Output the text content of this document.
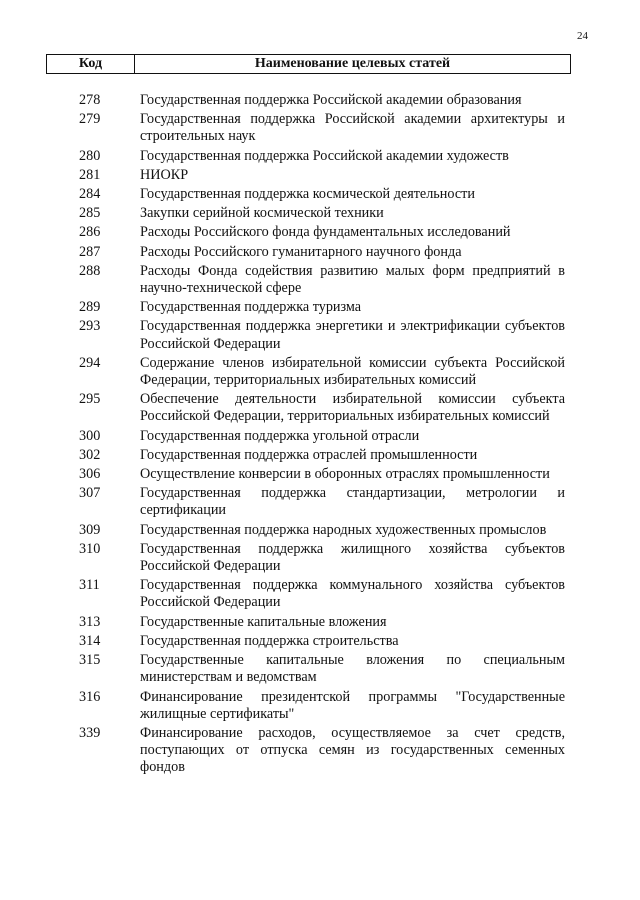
24
Код	Наименование целевых статей
278	Государственная поддержка Российской академии образования
279	Государственная поддержка Российской академии архитектуры и строительных наук
280	Государственная поддержка Российской академии художеств
281	НИОКР
284	Государственная поддержка космической деятельности
285	Закупки серийной космической техники
286	Расходы Российского фонда фундаментальных исследований
287	Расходы Российского гуманитарного научного фонда
288	Расходы Фонда содействия развитию малых форм предприятий в научно-технической сфере
289	Государственная поддержка туризма
293	Государственная поддержка энергетики и электрификации субъектов Российской Федерации
294	Содержание членов избирательной комиссии субъекта Российской Федерации, территориальных избирательных комиссий
295	Обеспечение деятельности избирательной комиссии субъекта Российской Федерации, территориальных избирательных комиссий
300	Государственная поддержка угольной отрасли
302	Государственная поддержка отраслей промышленности
306	Осуществление конверсии в оборонных отраслях промышленности
307	Государственная поддержка стандартизации, метрологии и сертификации
309	Государственная поддержка народных художественных промыслов
310	Государственная поддержка жилищного хозяйства субъектов Российской Федерации
311	Государственная поддержка коммунального хозяйства субъектов Российской Федерации
313	Государственные капитальные вложения
314	Государственная поддержка строительства
315	Государственные капитальные вложения по специальным министерствам и ведомствам
316	Финансирование президентской программы "Государственные жилищные сертификаты"
339	Финансирование расходов, осуществляемое за счет средств, поступающих от отпуска семян из государственных семенных фондов
